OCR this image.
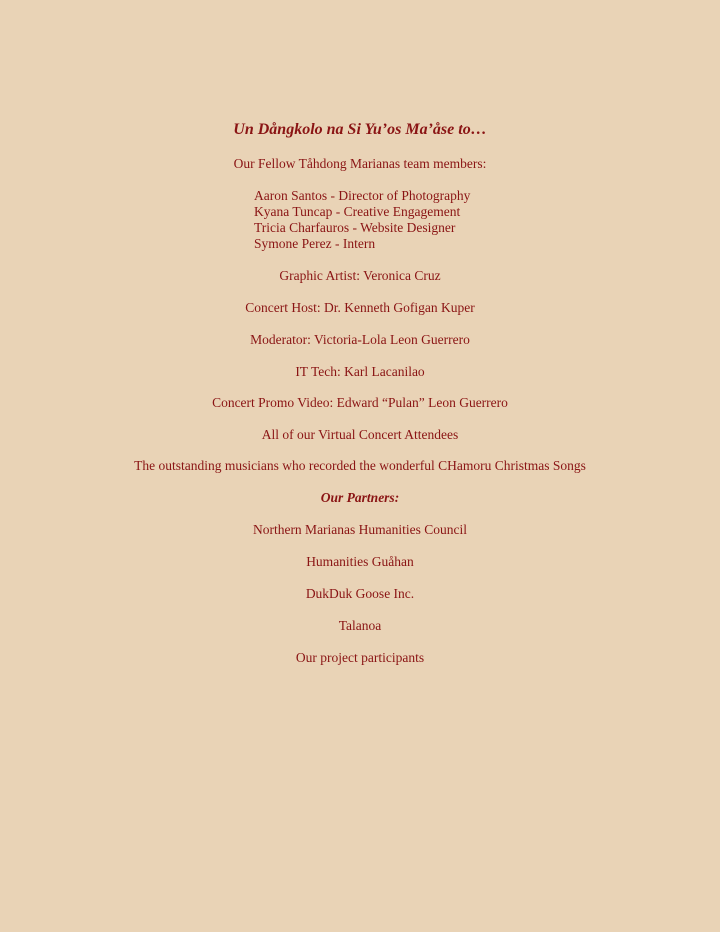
Un Dångkolo na Si Yu’os Ma’åse to…
Our Fellow Tåhdong Marianas team members:
Aaron Santos - Director of Photography
Kyana Tuncap - Creative Engagement
Tricia Charfauros - Website Designer
Symone Perez - Intern
Graphic Artist: Veronica Cruz
Concert Host: Dr. Kenneth Gofigan Kuper
Moderator: Victoria-Lola Leon Guerrero
IT Tech: Karl Lacanilao
Concert Promo Video: Edward “Pulan” Leon Guerrero
All of our Virtual Concert Attendees
The outstanding musicians who recorded the wonderful CHamoru Christmas Songs
Our Partners:
Northern Marianas Humanities Council
Humanities Guåhan
DukDuk Goose Inc.
Talanoa
Our project participants
